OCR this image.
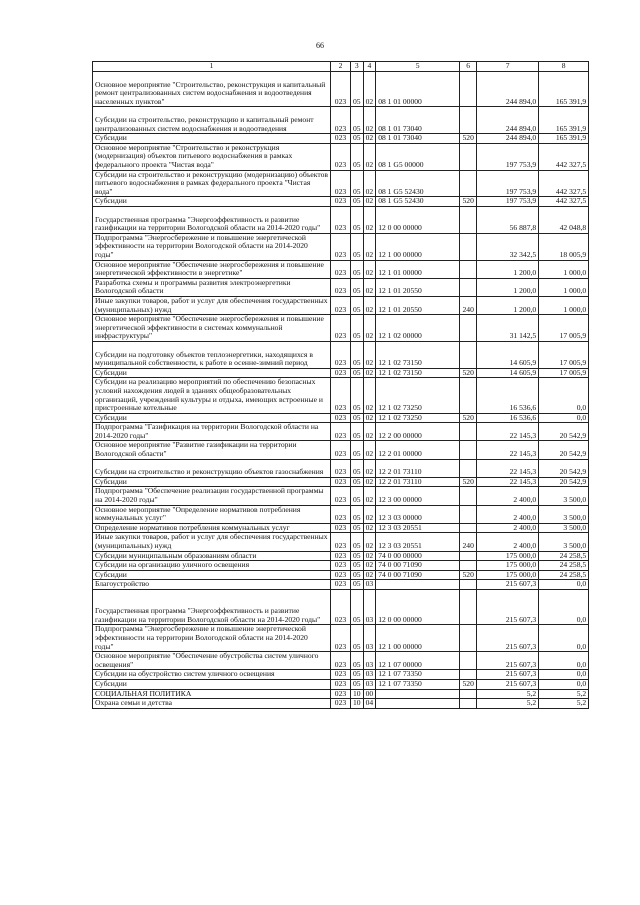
66
1	2	3	4	5	6	7	8
Основное мероприятие "Строительство, реконструкция и капитальный ремонт централизованных систем водоснабжения и водоотведения населенных пунктов"	023	05	02	08 1 01 00000		244 894,0	165 391,9
Субсидии на строительство, реконструкцию и капитальный ремонт централизованных систем водоснабжения и водоотведения	023	05	02	08 1 01 73040		244 894,0	165 391,9
Субсидии	023	05	02	08 1 01 73040	520	244 894,0	165 391,9
Основное мероприятие "Строительство и реконструкция (модернизация) объектов питьевого водоснабжения в рамках федерального проекта "Чистая вода"	023	05	02	08 1 G5 00000		197 753,9	442 327,5
Субсидии на строительство и реконструкцию (модернизацию) объектов питьевого водоснабжения в рамках федерального проекта "Чистая вода"	023	05	02	08 1 G5 52430		197 753,9	442 327,5
Субсидии	023	05	02	08 1 G5 52430	520	197 753,9	442 327,5
Государственная программа "Энергоэффективность и развитие газификации на территории Вологодской области на 2014-2020 годы"	023	05	02	12 0 00 00000		56 887,8	42 048,8
Подпрограмма "Энергосбережение и повышение энергетической эффективности на территории Вологодской области на 2014-2020 годы"	023	05	02	12 1 00 00000		32 342,5	18 005,9
Основное мероприятие "Обеспечение энергосбережения и повышение энергетической эффективности в энергетике"	023	05	02	12 1 01 00000		1 200,0	1 000,0
Разработка схемы и программы развития электроэнергетики Вологодской области	023	05	02	12 1 01 20550		1 200,0	1 000,0
Иные закупки товаров, работ и услуг для обеспечения государственных (муниципальных) нужд	023	05	02	12 1 01 20550	240	1 200,0	1 000,0
Основное мероприятие "Обеспечение энергосбережения и повышение энергетической эффективности в системах коммунальной инфраструктуры"	023	05	02	12 1 02 00000		31 142,5	17 005,9
Субсидии на подготовку объектов теплоэнергетики, находящихся в муниципальной собственности, к работе в осенне-зимний период	023	05	02	12 1 02 73150		14 605,9	17 005,9
Субсидии	023	05	02	12 1 02 73150	520	14 605,9	17 005,9
Субсидии на реализацию мероприятий по обеспечению безопасных условий нахождения людей в зданиях общеобразовательных организаций, учреждений культуры и отдыха, имеющих встроенные и пристроенные котельные	023	05	02	12 1 02 73250		16 536,6	0,0
Субсидии	023	05	02	12 1 02 73250	520	16 536,6	0,0
Подпрограмма "Газификация на территории Вологодской области на 2014-2020 годы"	023	05	02	12 2 00 00000		22 145,3	20 542,9
Основное мероприятие "Развитие газификации на территории Вологодской области"	023	05	02	12 2 01 00000		22 145,3	20 542,9
Субсидии на строительство и реконструкцию объектов газоснабжения	023	05	02	12 2 01 73110		22 145,3	20 542,9
Субсидии	023	05	02	12 2 01 73110	520	22 145,3	20 542,9
Подпрограмма "Обеспечение реализации государственной программы на 2014-2020 годы"	023	05	02	12 3 00 00000		2 400,0	3 500,0
Основное мероприятие "Определение нормативов потребления коммунальных услуг"	023	05	02	12 3 03 00000		2 400,0	3 500,0
Определение нормативов потребления коммунальных услуг	023	05	02	12 3 03 20551		2 400,0	3 500,0
Иные закупки товаров, работ и услуг для обеспечения государственных (муниципальных) нужд	023	05	02	12 3 03 20551	240	2 400,0	3 500,0
Субсидии муниципальным образованиям области	023	05	02	74 0 00 00000		175 000,0	24 258,5
Субсидии на организацию уличного освещения	023	05	02	74 0 00 71090		175 000,0	24 258,5
Субсидии	023	05	02	74 0 00 71090	520	175 000,0	24 258,5
Благоустройство	023	05	03			215 607,3	0,0
Государственная программа "Энергоэффективность и развитие газификации на территории Вологодской области на 2014-2020 годы"	023	05	03	12 0 00 00000		215 607,3	0,0
Подпрограмма "Энергосбережение и повышение энергетической эффективности на территории Вологодской области на 2014-2020 годы"	023	05	03	12 1 00 00000		215 607,3	0,0
Основное мероприятие "Обеспечение обустройства систем уличного освещения"	023	05	03	12 1 07 00000		215 607,3	0,0
Субсидии на обустройство систем уличного освещения	023	05	03	12 1 07 73350		215 607,3	0,0
Субсидии	023	05	03	12 1 07 73350	520	215 607,3	0,0
СОЦИАЛЬНАЯ ПОЛИТИКА	023	10	00			5,2	5,2
Охрана семьи и детства	023	10	04			5,2	5,2
